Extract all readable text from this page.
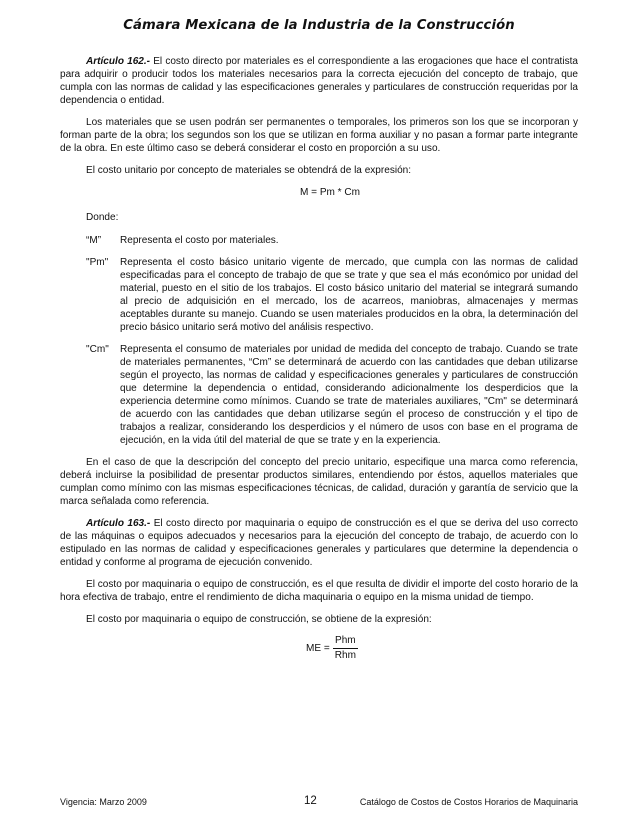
Cámara Mexicana de la Industria de la Construcción

Artículo 162.- El costo directo por materiales es el correspondiente a las erogaciones que hace el contratista para adquirir o producir todos los materiales necesarios para la correcta ejecución del concepto de trabajo, que cumpla con las normas de calidad y las especificaciones generales y particulares de construcción requeridas por la dependencia o entidad.

Los materiales que se usen podrán ser permanentes o temporales, los primeros son los que se incorporan y forman parte de la obra; los segundos son los que se utilizan en forma auxiliar y no pasan a formar parte integrante de la obra. En este último caso se deberá considerar el costo en proporción a su uso.

El costo unitario por concepto de materiales se obtendrá de la expresión:

M = Pm * Cm
Donde:
“M”	Representa el costo por materiales.
"Pm"	Representa el costo básico unitario vigente de mercado, que cumpla con las normas de calidad especificadas para el concepto de trabajo de que se trate y que sea el más económico por unidad del material, puesto en el sitio de los trabajos. El costo básico unitario del material se integrará sumando al precio de adquisición en el mercado, los de acarreos, maniobras, almacenajes y mermas aceptables durante su manejo. Cuando se usen materiales producidos en la obra, la determinación del precio básico unitario será motivo del análisis respectivo.
"Cm"	Representa el consumo de materiales por unidad de medida del concepto de trabajo. Cuando se trate de materiales permanentes, “Cm” se determinará de acuerdo con las cantidades que deban utilizarse según el proyecto, las normas de calidad y especificaciones generales y particulares de construcción que determine la dependencia o entidad, considerando adicionalmente los desperdicios que la experiencia determine como mínimos. Cuando se trate de materiales auxiliares, "Cm" se determinará de acuerdo con las cantidades que deban utilizarse según el proceso de construcción y el tipo de trabajos a realizar, considerando los desperdicios y el número de usos con base en el programa de ejecución, en la vida útil del material de que se trate y en la experiencia.

En el caso de que la descripción del concepto del precio unitario, especifique una marca como referencia, deberá incluirse la posibilidad de presentar productos similares, entendiendo por éstos, aquellos materiales que cumplan como mínimo con las mismas especificaciones técnicas, de calidad, duración y garantía de servicio que la marca señalada como referencia.

Artículo 163.- El costo directo por maquinaria o equipo de construcción es el que se deriva del uso correcto de las máquinas o equipos adecuados y necesarios para la ejecución del concepto de trabajo, de acuerdo con lo estipulado en las normas de calidad y especificaciones generales y particulares que determine la dependencia o entidad y conforme al programa de ejecución convenido.

El costo por maquinaria o equipo de construcción, es el que resulta de dividir el importe del costo horario de la hora efectiva de trabajo, entre el rendimiento de dicha maquinaria o equipo en la misma unidad de tiempo.

El costo por maquinaria o equipo de construcción, se obtiene de la expresión:

ME = $\frac{\text{Phm}}{\text{Rhm}}$
Vigencia: Marzo 2009	12	Catálogo de Costos de Costos Horarios de Maquinaria
